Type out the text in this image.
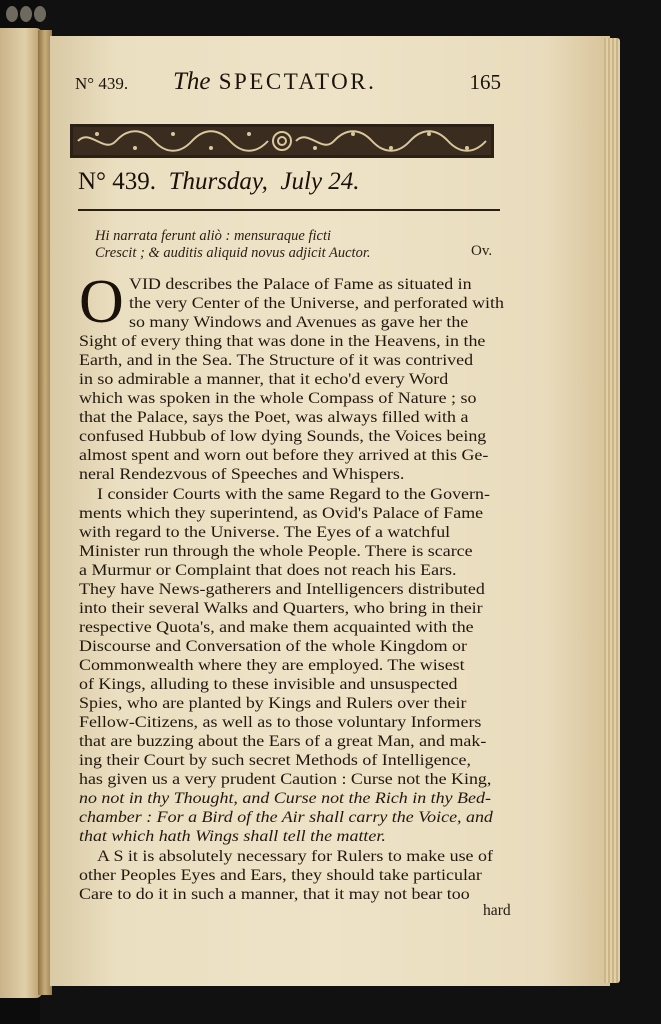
N° 439. The SPECTATOR.	165
N° 439. Thursday, July 24.
Hi narrata ferunt aliò : mensuraque ficti
Crescit ; & auditis aliquid novus adjicit Auctor.	Ov.
O VID describes the Palace of Fame as situated in
the very Center of the Universe, and perforated with
so many Windows and Avenues as gave her the
Sight of every thing that was done in the Heavens, in the
Earth, and in the Sea. The Structure of it was contrived
in so admirable a manner, that it echo'd every Word
which was spoken in the whole Compass of Nature ; so
that the Palace, says the Poet, was always filled with a
confused Hubbub of low dying Sounds, the Voices being
almost spent and worn out before they arrived at this Ge-
neral Rendezvous of Speeches and Whispers.
I consider Courts with the same Regard to the Govern-
ments which they superintend, as Ovid's Palace of Fame
with regard to the Universe. The Eyes of a watchful
Minister run through the whole People. There is scarce
a Murmur or Complaint that does not reach his Ears.
They have News-gatherers and Intelligencers distributed
into their several Walks and Quarters, who bring in their
respective Quota's, and make them acquainted with the
Discourse and Conversation of the whole Kingdom or
Commonwealth where they are employed. The wisest
of Kings, alluding to these invisible and unsuspected
Spies, who are planted by Kings and Rulers over their
Fellow-Citizens, as well as to those voluntary Informers
that are buzzing about the Ears of a great Man, and mak-
ing their Court by such secret Methods of Intelligence,
has given us a very prudent Caution : Curse not the King,
no not in thy Thought, and Curse not the Rich in thy Bed-
chamber : For a Bird of the Air shall carry the Voice, and
that which hath Wings shall tell the matter.
A S it is absolutely necessary for Rulers to make use of
other Peoples Eyes and Ears, they should take particular
Care to do it in such a manner, that it may not bear too
hard
